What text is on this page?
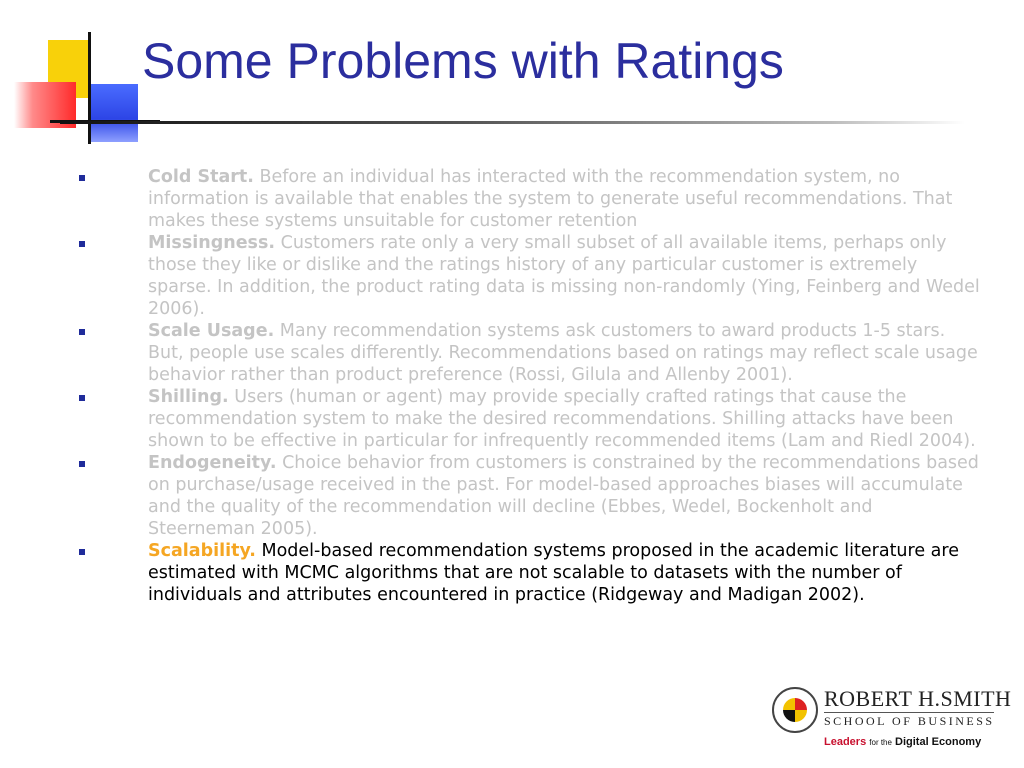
Some Problems with Ratings
Cold Start. Before an individual has interacted with the recommendation system, no information is available that enables the system to generate useful recommendations. That makes these systems unsuitable for customer retention
Missingness. Customers rate only a very small subset of all available items, perhaps only those they like or dislike and the ratings history of any particular customer is extremely sparse. In addition, the product rating data is missing non-randomly (Ying, Feinberg and Wedel 2006).
Scale Usage. Many recommendation systems ask customers to award products 1-5 stars. But, people use scales differently. Recommendations based on ratings may reflect scale usage behavior rather than product preference (Rossi, Gilula and Allenby 2001).
Shilling. Users (human or agent) may provide specially crafted ratings that cause the recommendation system to make the desired recommendations. Shilling attacks have been shown to be effective in particular for infrequently recommended items (Lam and Riedl 2004).
Endogeneity. Choice behavior from customers is constrained by the recommendations based on purchase/usage received in the past. For model-based approaches biases will accumulate and the quality of the recommendation will decline (Ebbes, Wedel, Bockenholt and Steerneman 2005).
Scalability. Model-based recommendation systems proposed in the academic literature are estimated with MCMC algorithms that are not scalable to datasets with the number of individuals and attributes encountered in practice (Ridgeway and Madigan 2002).
ROBERT H.SMITH
SCHOOL OF BUSINESS
Leaders for the Digital Economy
